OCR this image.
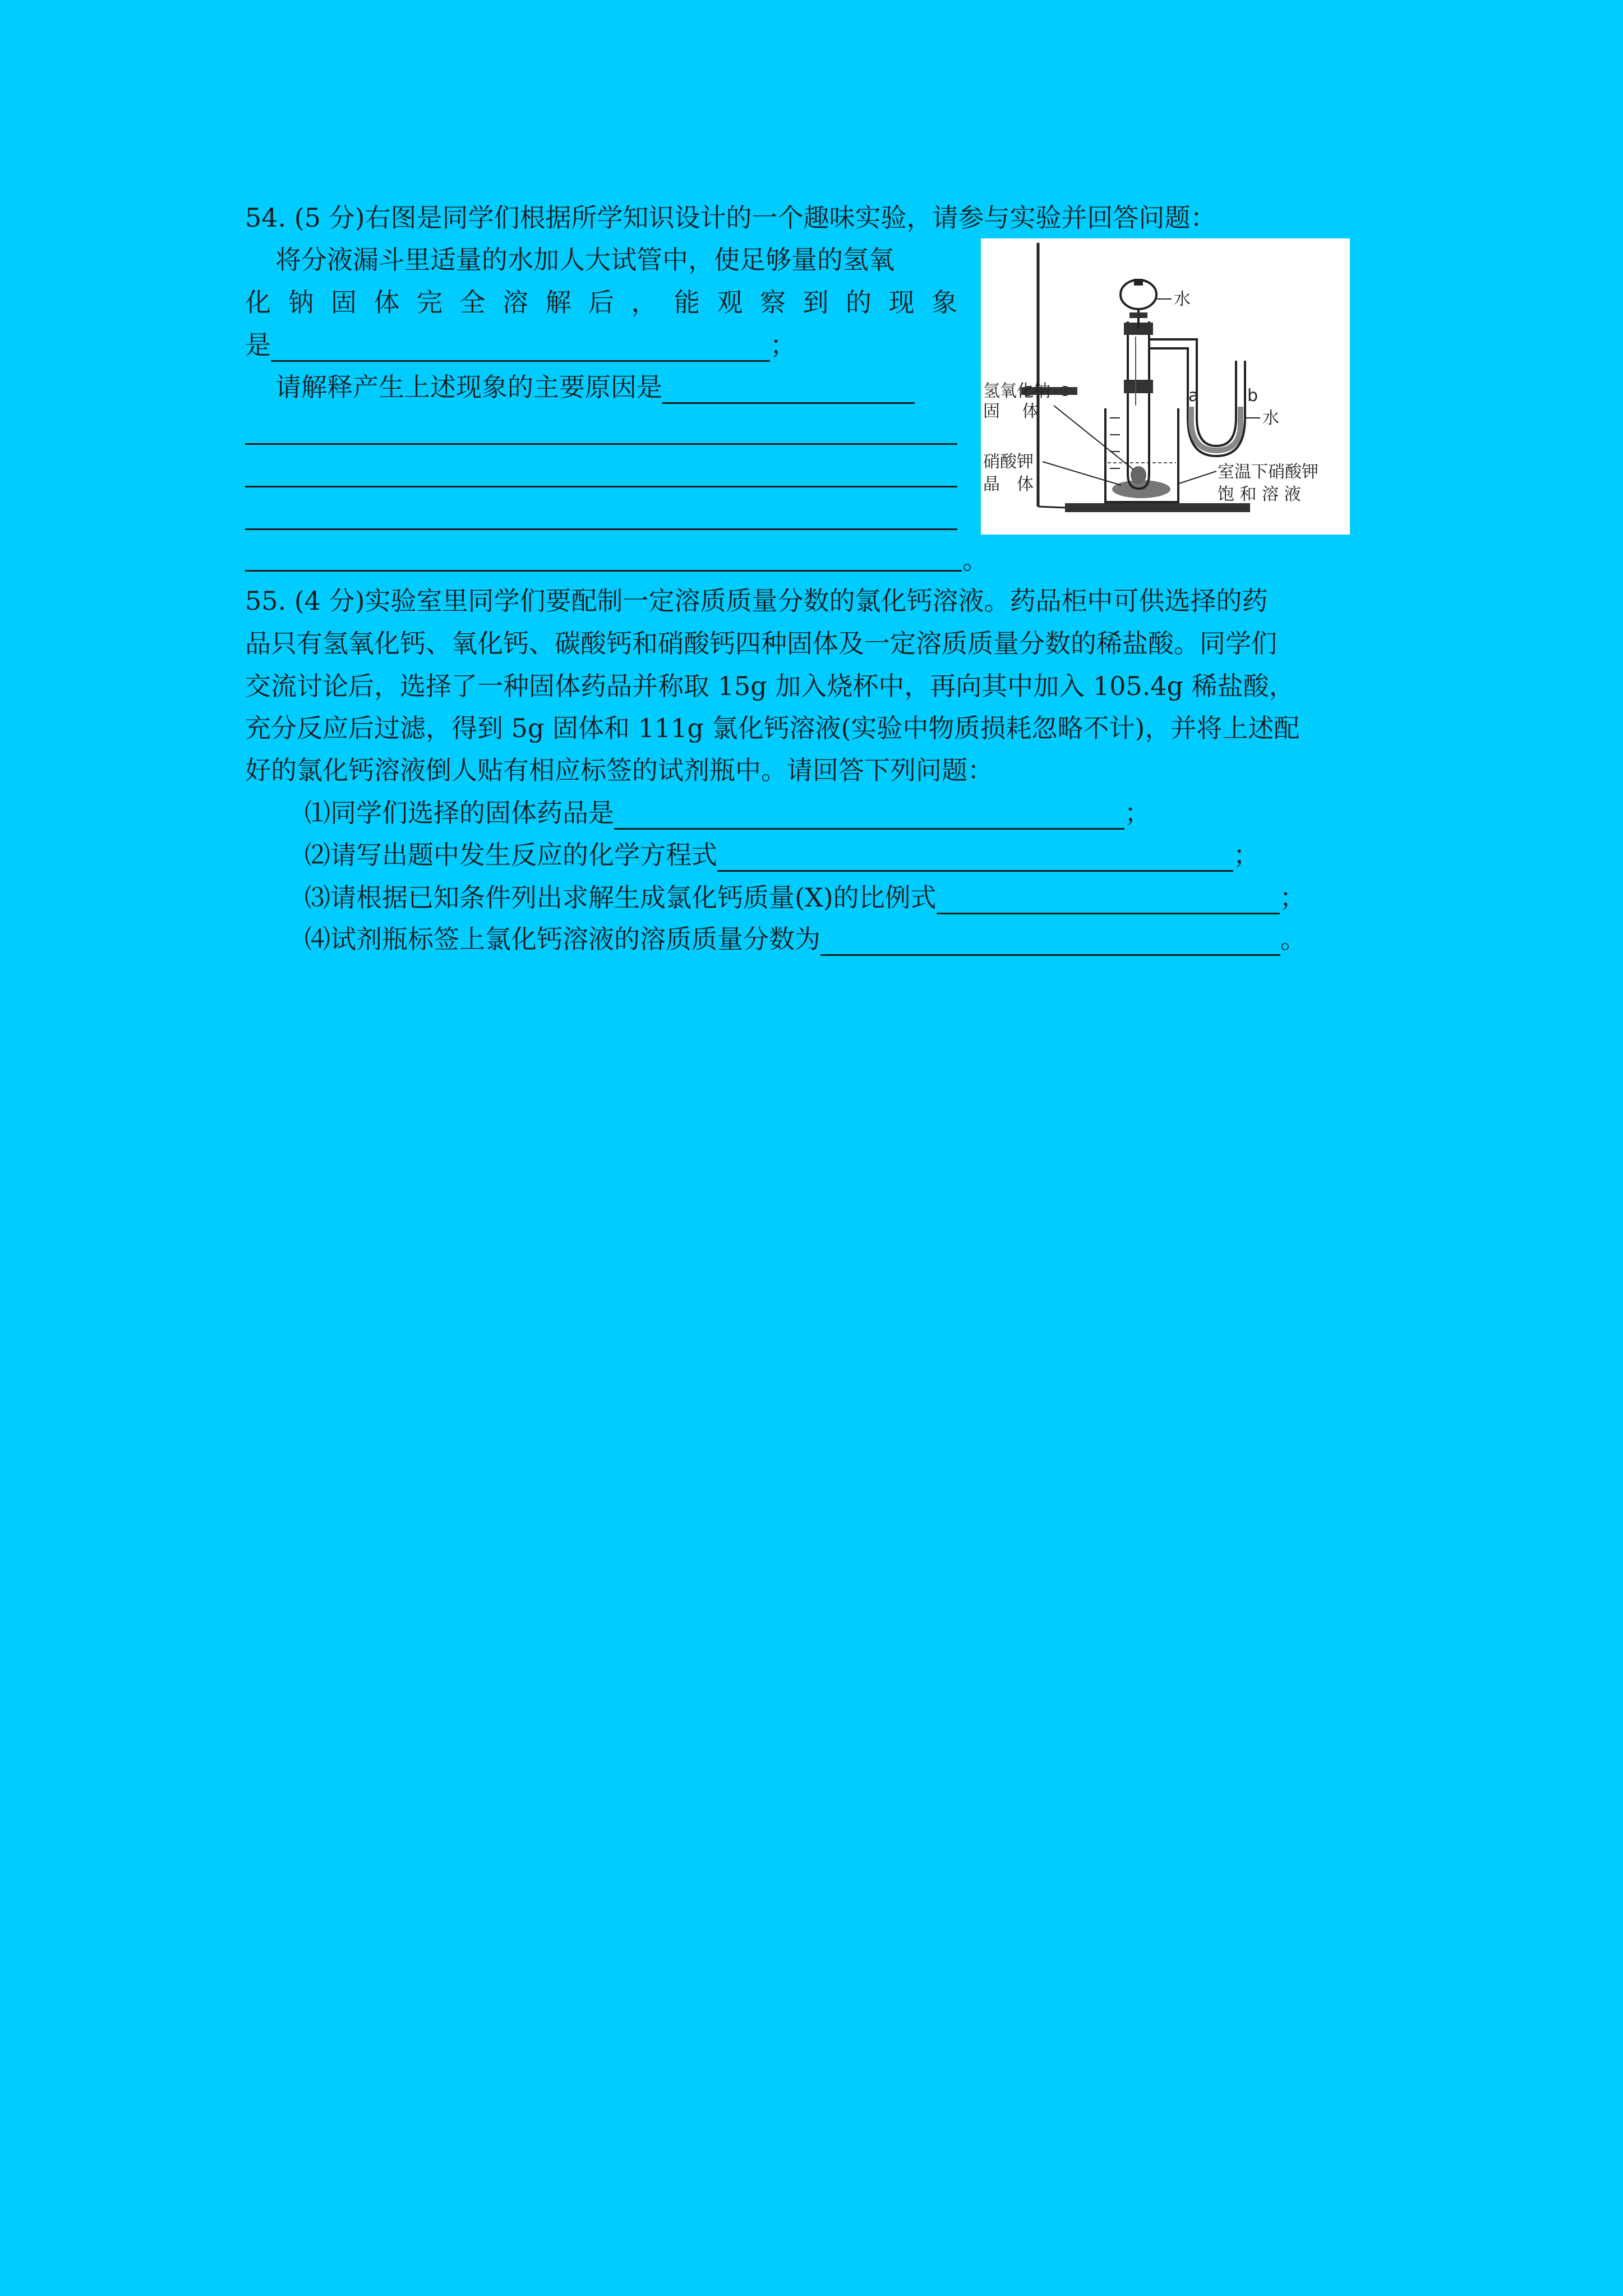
54. (5 分)右图是同学们根据所学知识设计的一个趣味实验，请参与实验并回答问题：
将分液漏斗里适量的水加人大试管中，使足够量的氢氧
化 钠 固 体 完 全 溶 解 后 ， 能 观 察 到 的 现 象
是	；
请解释产生上述现象的主要原因是
。
水
a	b
水
氢氧化钠
固　 体
硝酸钾
晶　体
室温下硝酸钾
饱 和 溶 液
55. (4 分)实验室里同学们要配制一定溶质质量分数的氯化钙溶液。药品柜中可供选择的药
品只有氢氧化钙、氧化钙、碳酸钙和硝酸钙四种固体及一定溶质质量分数的稀盐酸。同学们
交流讨论后，选择了一种固体药品并称取 15g 加入烧杯中，再向其中加入 105.4g 稀盐酸，
充分反应后过滤，得到 5g 固体和 111g 氯化钙溶液(实验中物质损耗忽略不计)，并将上述配
好的氯化钙溶液倒人贴有相应标签的试剂瓶中。请回答下列问题：
⑴同学们选择的固体药品是	；
⑵请写出题中发生反应的化学方程式	；
⑶请根据已知条件列出求解生成氯化钙质量(X)的比例式	；
⑷试剂瓶标签上氯化钙溶液的溶质质量分数为	。
